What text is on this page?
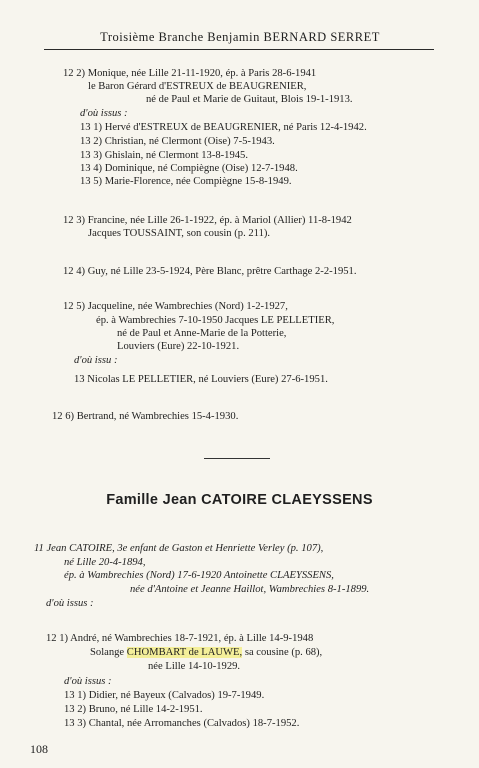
Troisième Branche Benjamin BERNARD SERRET
12 2) Monique, née Lille 21-11-1920, ép. à Paris 28-6-1941
le Baron Gérard d'ESTREUX de BEAUGRENIER,
né de Paul et Marie de Guitaut, Blois 19-1-1913.
d'où issus :
13 1) Hervé d'ESTREUX de BEAUGRENIER, né Paris 12-4-1942.
13 2) Christian, né Clermont (Oise) 7-5-1943.
13 3) Ghislain, né Clermont 13-8-1945.
13 4) Dominique, né Compiègne (Oise) 12-7-1948.
13 5) Marie-Florence, née Compiègne 15-8-1949.
12 3) Francine, née Lille 26-1-1922, ép. à Mariol (Allier) 11-8-1942
Jacques TOUSSAINT, son cousin (p. 211).
12 4) Guy, né Lille 23-5-1924, Père Blanc, prêtre Carthage 2-2-1951.
12 5) Jacqueline, née Wambrechies (Nord) 1-2-1927,
ép. à Wambrechies 7-10-1950 Jacques LE PELLETIER,
né de Paul et Anne-Marie de la Potterie,
Louviers (Eure) 22-10-1921.
d'où issu :
13 Nicolas LE PELLETIER, né Louviers (Eure) 27-6-1951.
12 6) Bertrand, né Wambrechies 15-4-1930.
Famille Jean CATOIRE CLAEYSSENS
11 Jean CATOIRE, 3e enfant de Gaston et Henriette Verley (p. 107),
né Lille 20-4-1894,
ép. à Wambrechies (Nord) 17-6-1920 Antoinette CLAEYSSENS,
née d'Antoine et Jeanne Haillot, Wambrechies 8-1-1899.
d'où issus :
12 1) André, né Wambrechies 18-7-1921, ép. à Lille 14-9-1948
Solange CHOMBART de LAUWE, sa cousine (p. 68),
née Lille 14-10-1929.
d'où issus :
13 1) Didier, né Bayeux (Calvados) 19-7-1949.
13 2) Bruno, né Lille 14-2-1951.
13 3) Chantal, née Arromanches (Calvados) 18-7-1952.
108
